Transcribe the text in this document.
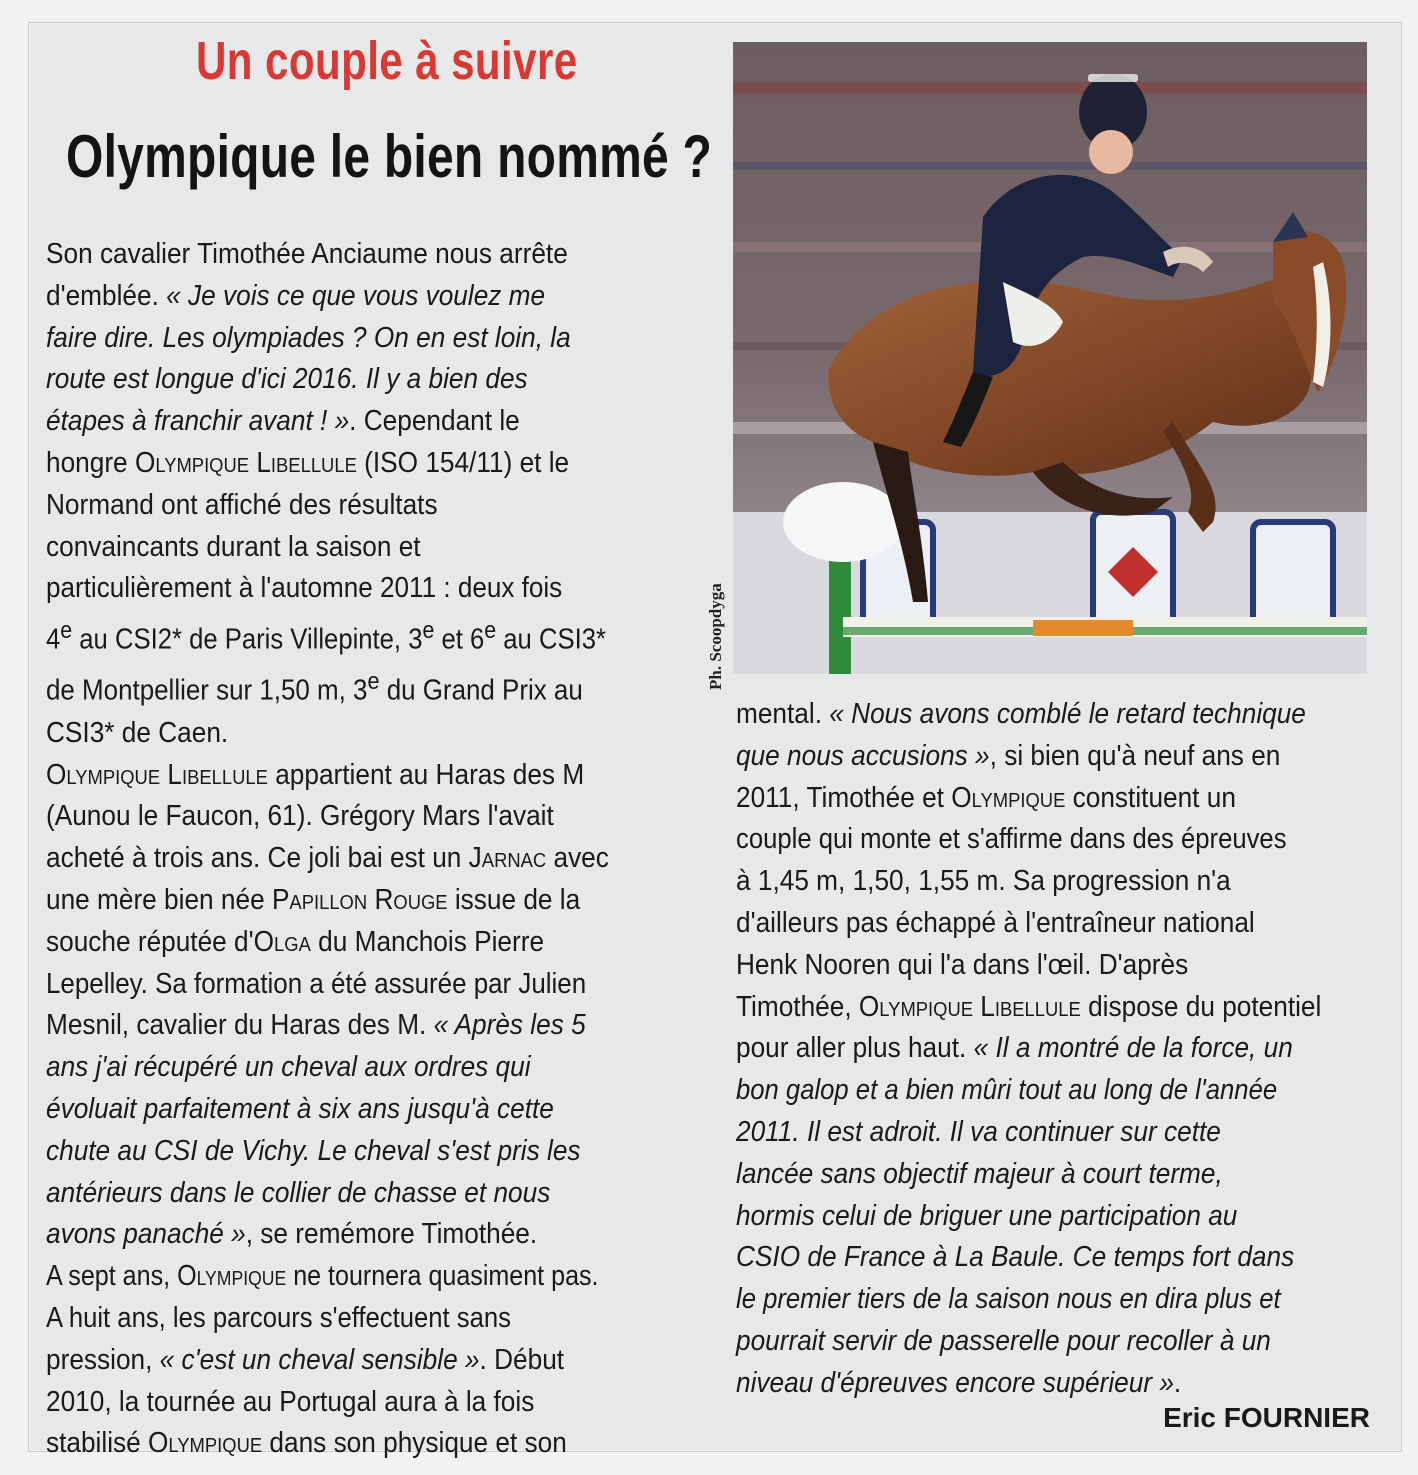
Un couple à suivre
Olympique le bien nommé ?
Son cavalier Timothée Anciaume nous arrête
d'emblée. « Je vois ce que vous voulez me
faire dire. Les olympiades ? On en est loin, la
route est longue d'ici 2016. Il y a bien des
étapes à franchir avant ! ». Cependant le
hongre Olympique Libellule (ISO 154/11) et le
Normand ont affiché des résultats
convaincants durant la saison et
particulièrement à l'automne 2011 : deux fois
4e au CSI2* de Paris Villepinte, 3e et 6e au CSI3*
de Montpellier sur 1,50 m, 3e du Grand Prix au
CSI3* de Caen.
Olympique Libellule appartient au Haras des M
(Aunou le Faucon, 61). Grégory Mars l'avait
acheté à trois ans. Ce joli bai est un Jarnac avec
une mère bien née Papillon Rouge issue de la
souche réputée d'Olga du Manchois Pierre
Lepelley. Sa formation a été assurée par Julien
Mesnil, cavalier du Haras des M. « Après les 5
ans j'ai récupéré un cheval aux ordres qui
évoluait parfaitement à six ans jusqu'à cette
chute au CSI de Vichy. Le cheval s'est pris les
antérieurs dans le collier de chasse et nous
avons panaché », se remémore Timothée.
A sept ans, Olympique ne tournera quasiment pas.
A huit ans, les parcours s'effectuent sans
pression, « c'est un cheval sensible ». Début
2010, la tournée au Portugal aura à la fois
stabilisé Olympique dans son physique et son
Ph. Scoopdyga
mental. « Nous avons comblé le retard technique
que nous accusions », si bien qu'à neuf ans en
2011, Timothée et Olympique constituent un
couple qui monte et s'affirme dans des épreuves
à 1,45 m, 1,50, 1,55 m. Sa progression n'a
d'ailleurs pas échappé à l'entraîneur national
Henk Nooren qui l'a dans l'œil. D'après
Timothée, Olympique Libellule dispose du potentiel
pour aller plus haut. « Il a montré de la force, un
bon galop et a bien mûri tout au long de l'année
2011. Il est adroit. Il va continuer sur cette
lancée sans objectif majeur à court terme,
hormis celui de briguer une participation au
CSIO de France à La Baule. Ce temps fort dans
le premier tiers de la saison nous en dira plus et
pourrait servir de passerelle pour recoller à un
niveau d'épreuves encore supérieur ».
Eric FOURNIER
